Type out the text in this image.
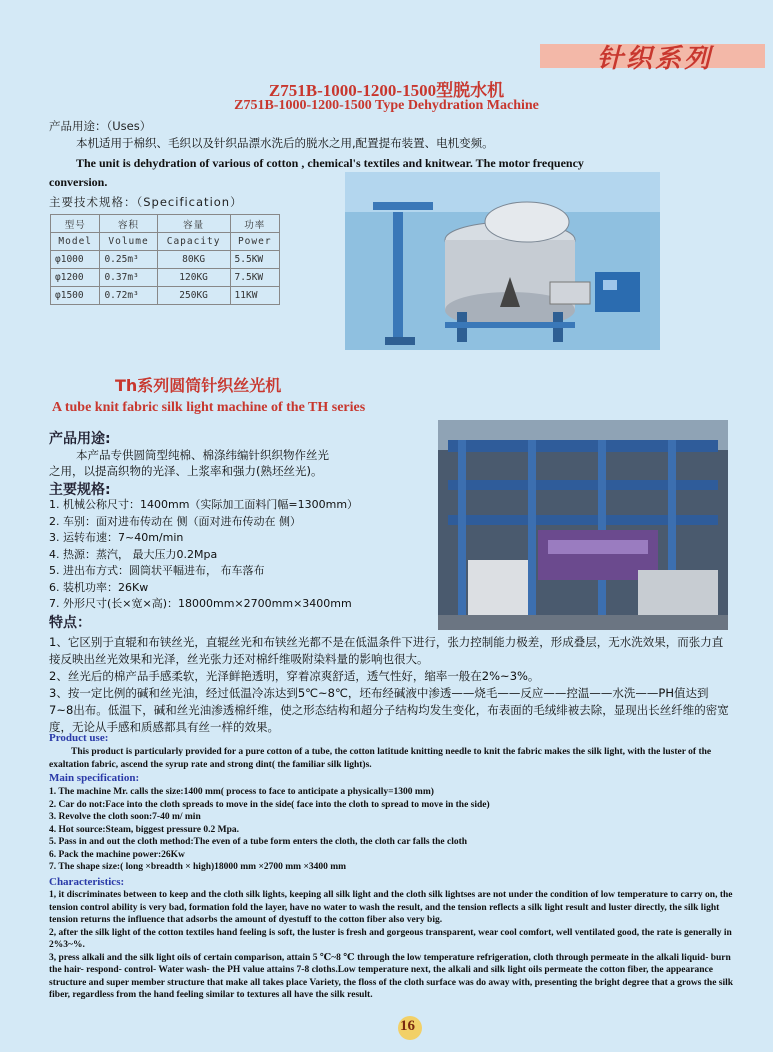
针织系列
Z751B-1000-1200-1500型脱水机
Z751B-1000-1200-1500 Type Dehydration Machine
产品用途：（Uses）
本机适用于棉织、毛织以及针织品漂水洗后的脱水之用,配置提布装置、电机变频。
The unit is dehydration of various of cotton , chemical's textiles and knitwear. The motor frequency
conversion.
主要技术规格：（Specification）
型号	容积	容量	功率
Model	Volume	Capacity	Power
φ1000	0.25m³	80KG	5.5KW
φ1200	0.37m³	120KG	7.5KW
φ1500	0.72m³	250KG	11KW
Th系列圆筒针织丝光机
A tube knit fabric silk light machine of the TH series
产品用途:
本产品专供圆筒型纯棉、棉涤纬编针织织物作丝光
之用，以提高织物的光泽、上浆率和强力(熟坯丝光)。
主要规格:
1. 机械公称尺寸：1400mm（实际加工面料门幅=1300mm）
2. 车别：面对进布传动在 侧（面对进布传动在 侧）
3. 运转布速：7~40m/min
4. 热源：蒸汽， 最大压力0.2Mpa
5. 进出布方式：圆筒状平幅进布， 布车落布
6. 装机功率：26Kw
7. 外形尺寸(长×宽×高)：18000mm×2700mm×3400mm
特点：
1、它区别于直辊和布铗丝光，直辊丝光和布铗丝光都不是在低温条件下进行，张力控制能力极差，形成叠层，无水洗效果，而张力直接反映出丝光效果和光泽，丝光张力还对棉纤维吸附染料量的影响也很大。
2、丝光后的棉产品手感柔软，光泽鲜艳透明，穿着凉爽舒适，透气性好，缩率一般在2%~3%。
3、按一定比例的碱和丝光油，经过低温冷冻达到5℃~8℃，坯布经碱液中渗透——烧毛——反应——控温——水洗——PH值达到7~8出布。低温下，碱和丝光油渗透棉纤维，使之形态结构和超分子结构均发生变化，布表面的毛绒绯被去除，显现出长丝纤维的密宽度，无论从手感和质感都具有丝一样的效果。
Product use:
This product is particularly provided for a pure cotton of a tube, the cotton latitude knitting needle to knit the fabric makes the silk light, with the luster of the exaltation fabric, ascend the syrup rate and strong dint( the familiar silk light)s.
Main specification:
1. The machine Mr. calls the size:1400 mm( process to face to anticipate a physically=1300 mm)
2. Car do not:Face into the cloth spreads to move in the side( face into the cloth to spread to move in the side)
3. Revolve the cloth soon:7-40 m/ min
4. Hot source:Steam, biggest pressure 0.2 Mpa.
5. Pass in and out the cloth method:The even of a tube form enters the cloth, the cloth car falls the cloth
6. Pack the machine power:26Kw
7. The shape size:( long ×breadth × high)18000 mm ×2700 mm ×3400 mm
Characteristics:
1, it discriminates between to keep and the cloth silk lights, keeping all silk light and the cloth silk lightses are not under the condition of low temperature to carry on, the tension control ability is very bad, formation fold the layer, have no water to wash the result, and the tension reflects a silk light result and luster directly, the silk light tension returns the influence that adsorbs the amount of dyestuff to the cotton fiber also very big.
2, after the silk light of the cotton textiles hand feeling is soft, the luster is fresh and gorgeous transparent, wear cool comfort, well ventilated good, the rate is generally in 2%3~%.
3, press alkali and the silk light oils of certain comparison, attain 5 ℃~8 ℃ through the low temperature refrigeration, cloth through permeate in the alkali liquid- burn the hair- respond- control- Water wash- the PH value attains 7-8 cloths.Low temperature next, the alkali and silk light oils permeate the cotton fiber, the appearance structure and super member structure that make all takes place Variety, the floss of the cloth surface was do away with, presenting the bright degree that a grows the silk fiber, regardless from the hand feeling similar to textures all have the silk result.
16
